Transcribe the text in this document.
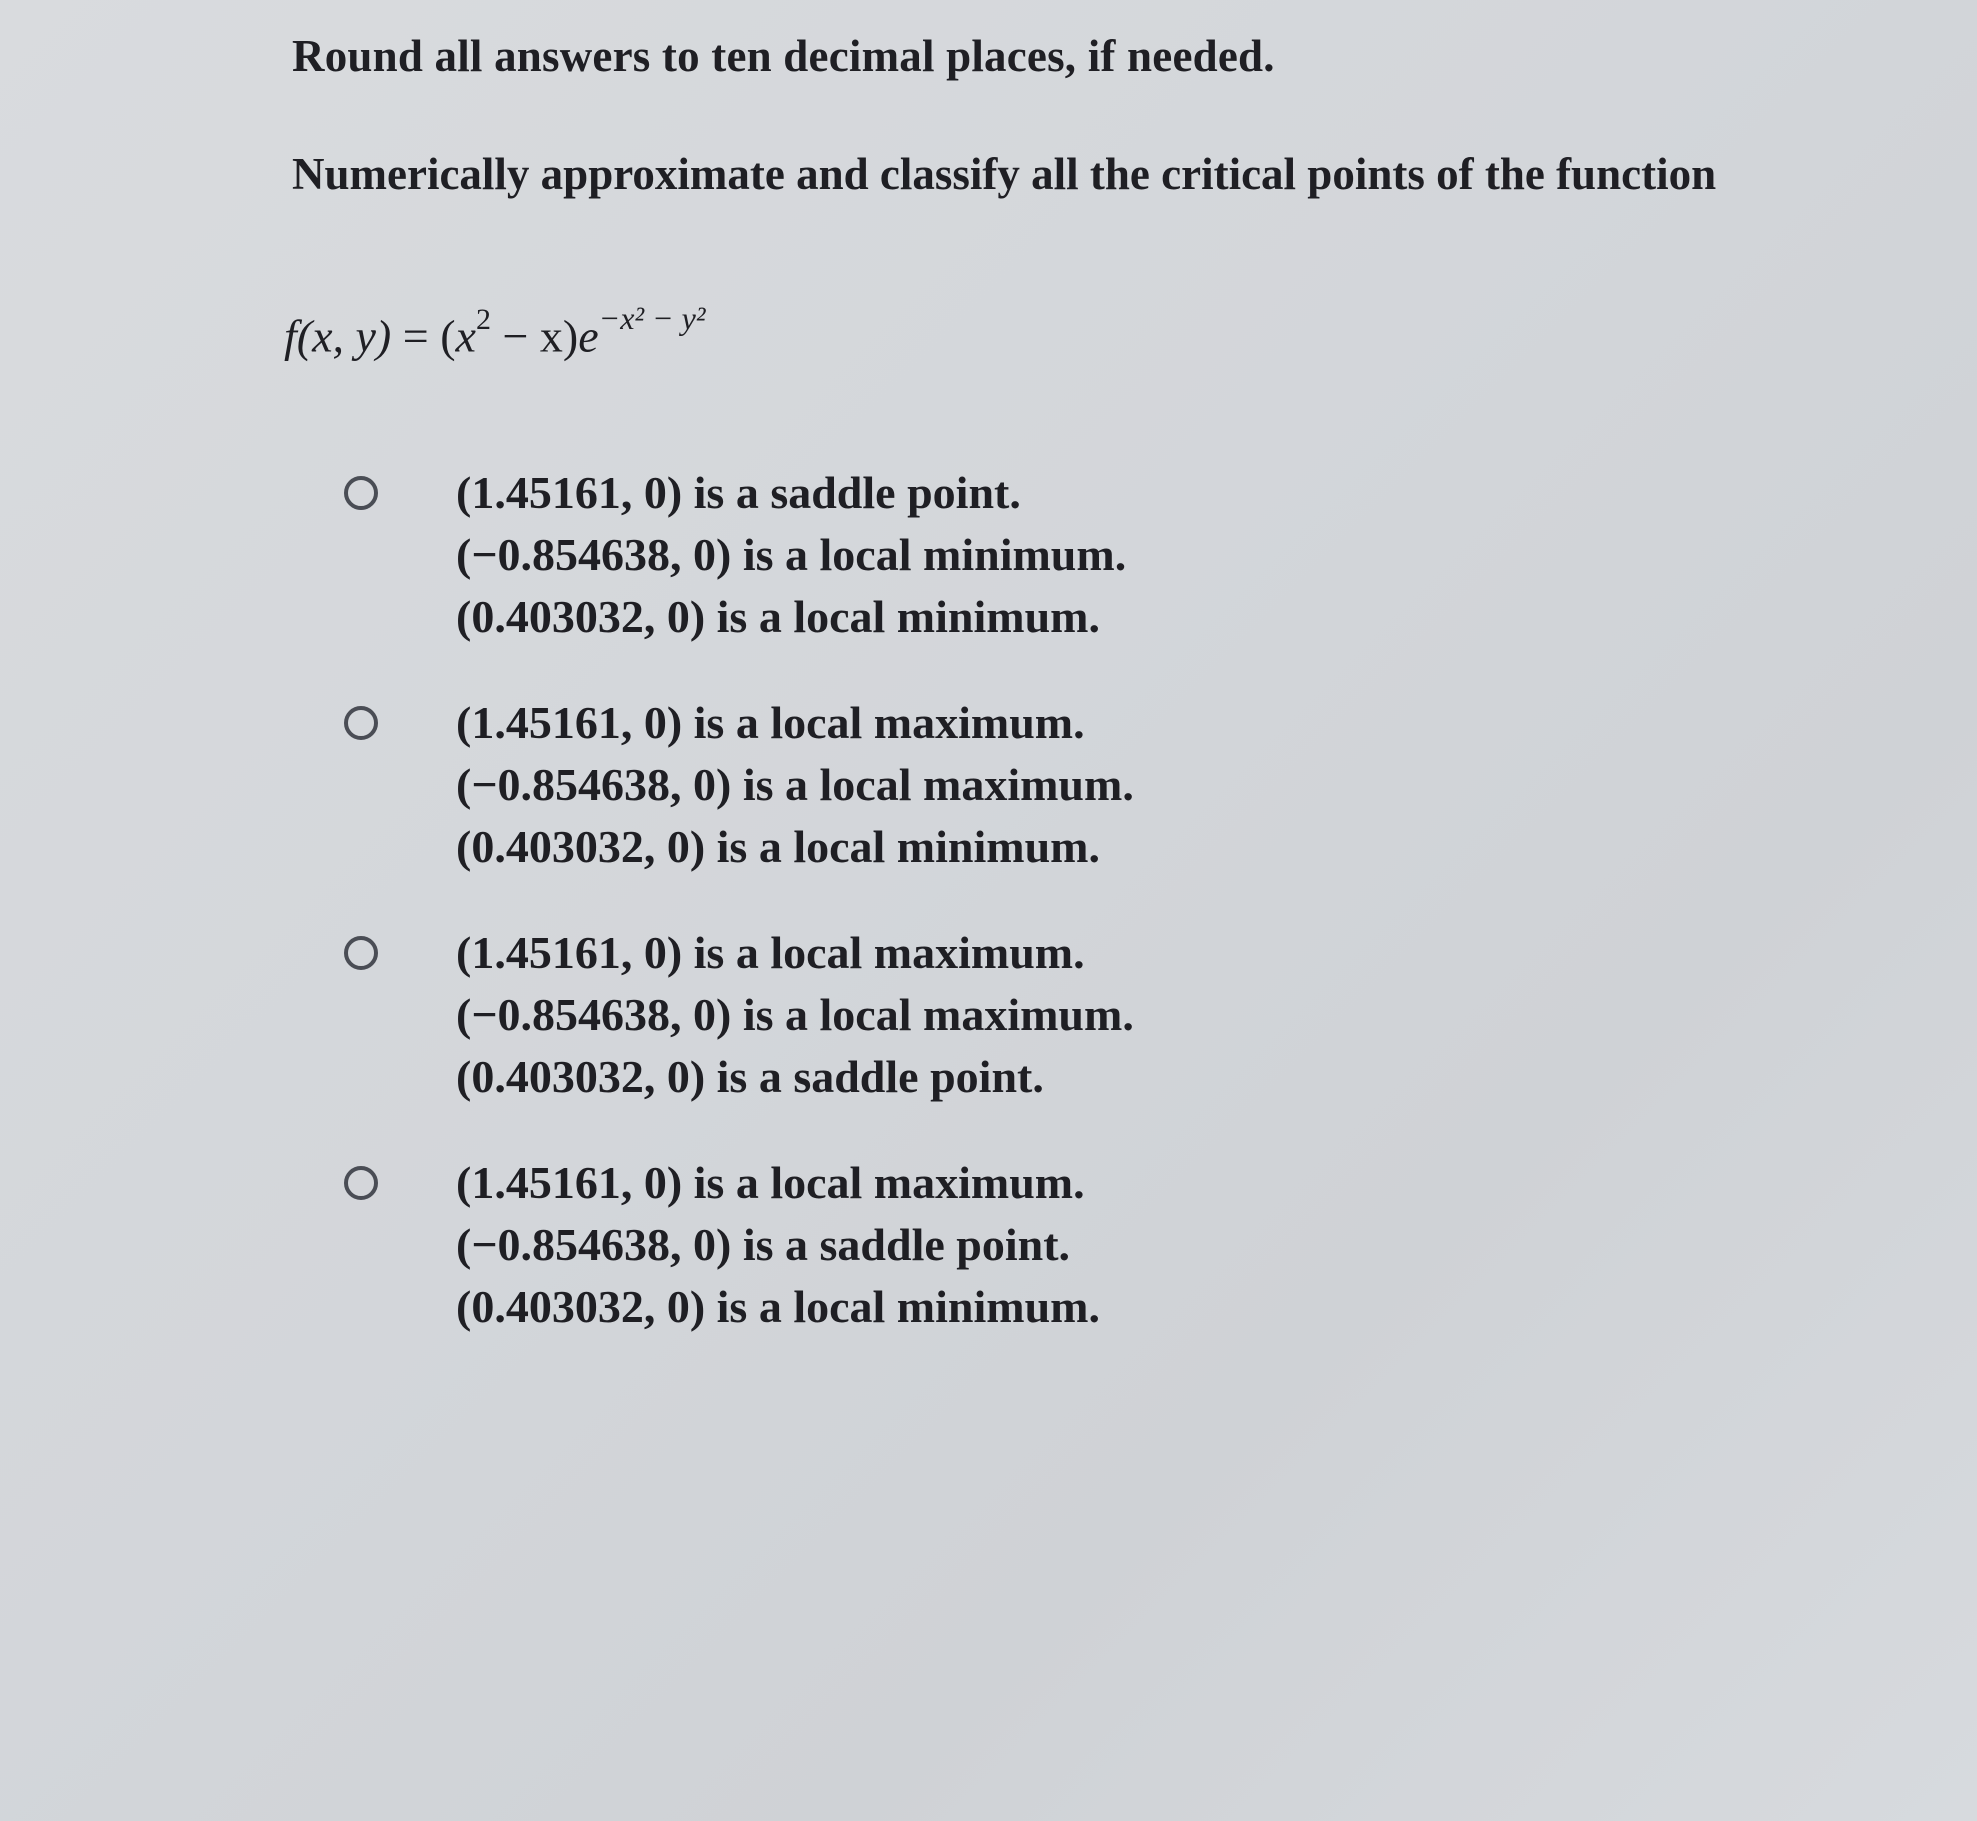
Round all answers to ten decimal places, if needed.

Numerically approximate and classify all the critical points of the function

f(x, $y) = (x^2 - x)e^{-x^2 - y^2}$
(1.45161, 0) is a saddle point.
(−0.854638, 0) is a local minimum.
(0.403032, 0) is a local minimum.
(1.45161, 0) is a local maximum.
(−0.854638, 0) is a local maximum.
(0.403032, 0) is a local minimum.
(1.45161, 0) is a local maximum.
(−0.854638, 0) is a local maximum.
(0.403032, 0) is a saddle point.
(1.45161, 0) is a local maximum.
(−0.854638, 0) is a saddle point.
(0.403032, 0) is a local minimum.
